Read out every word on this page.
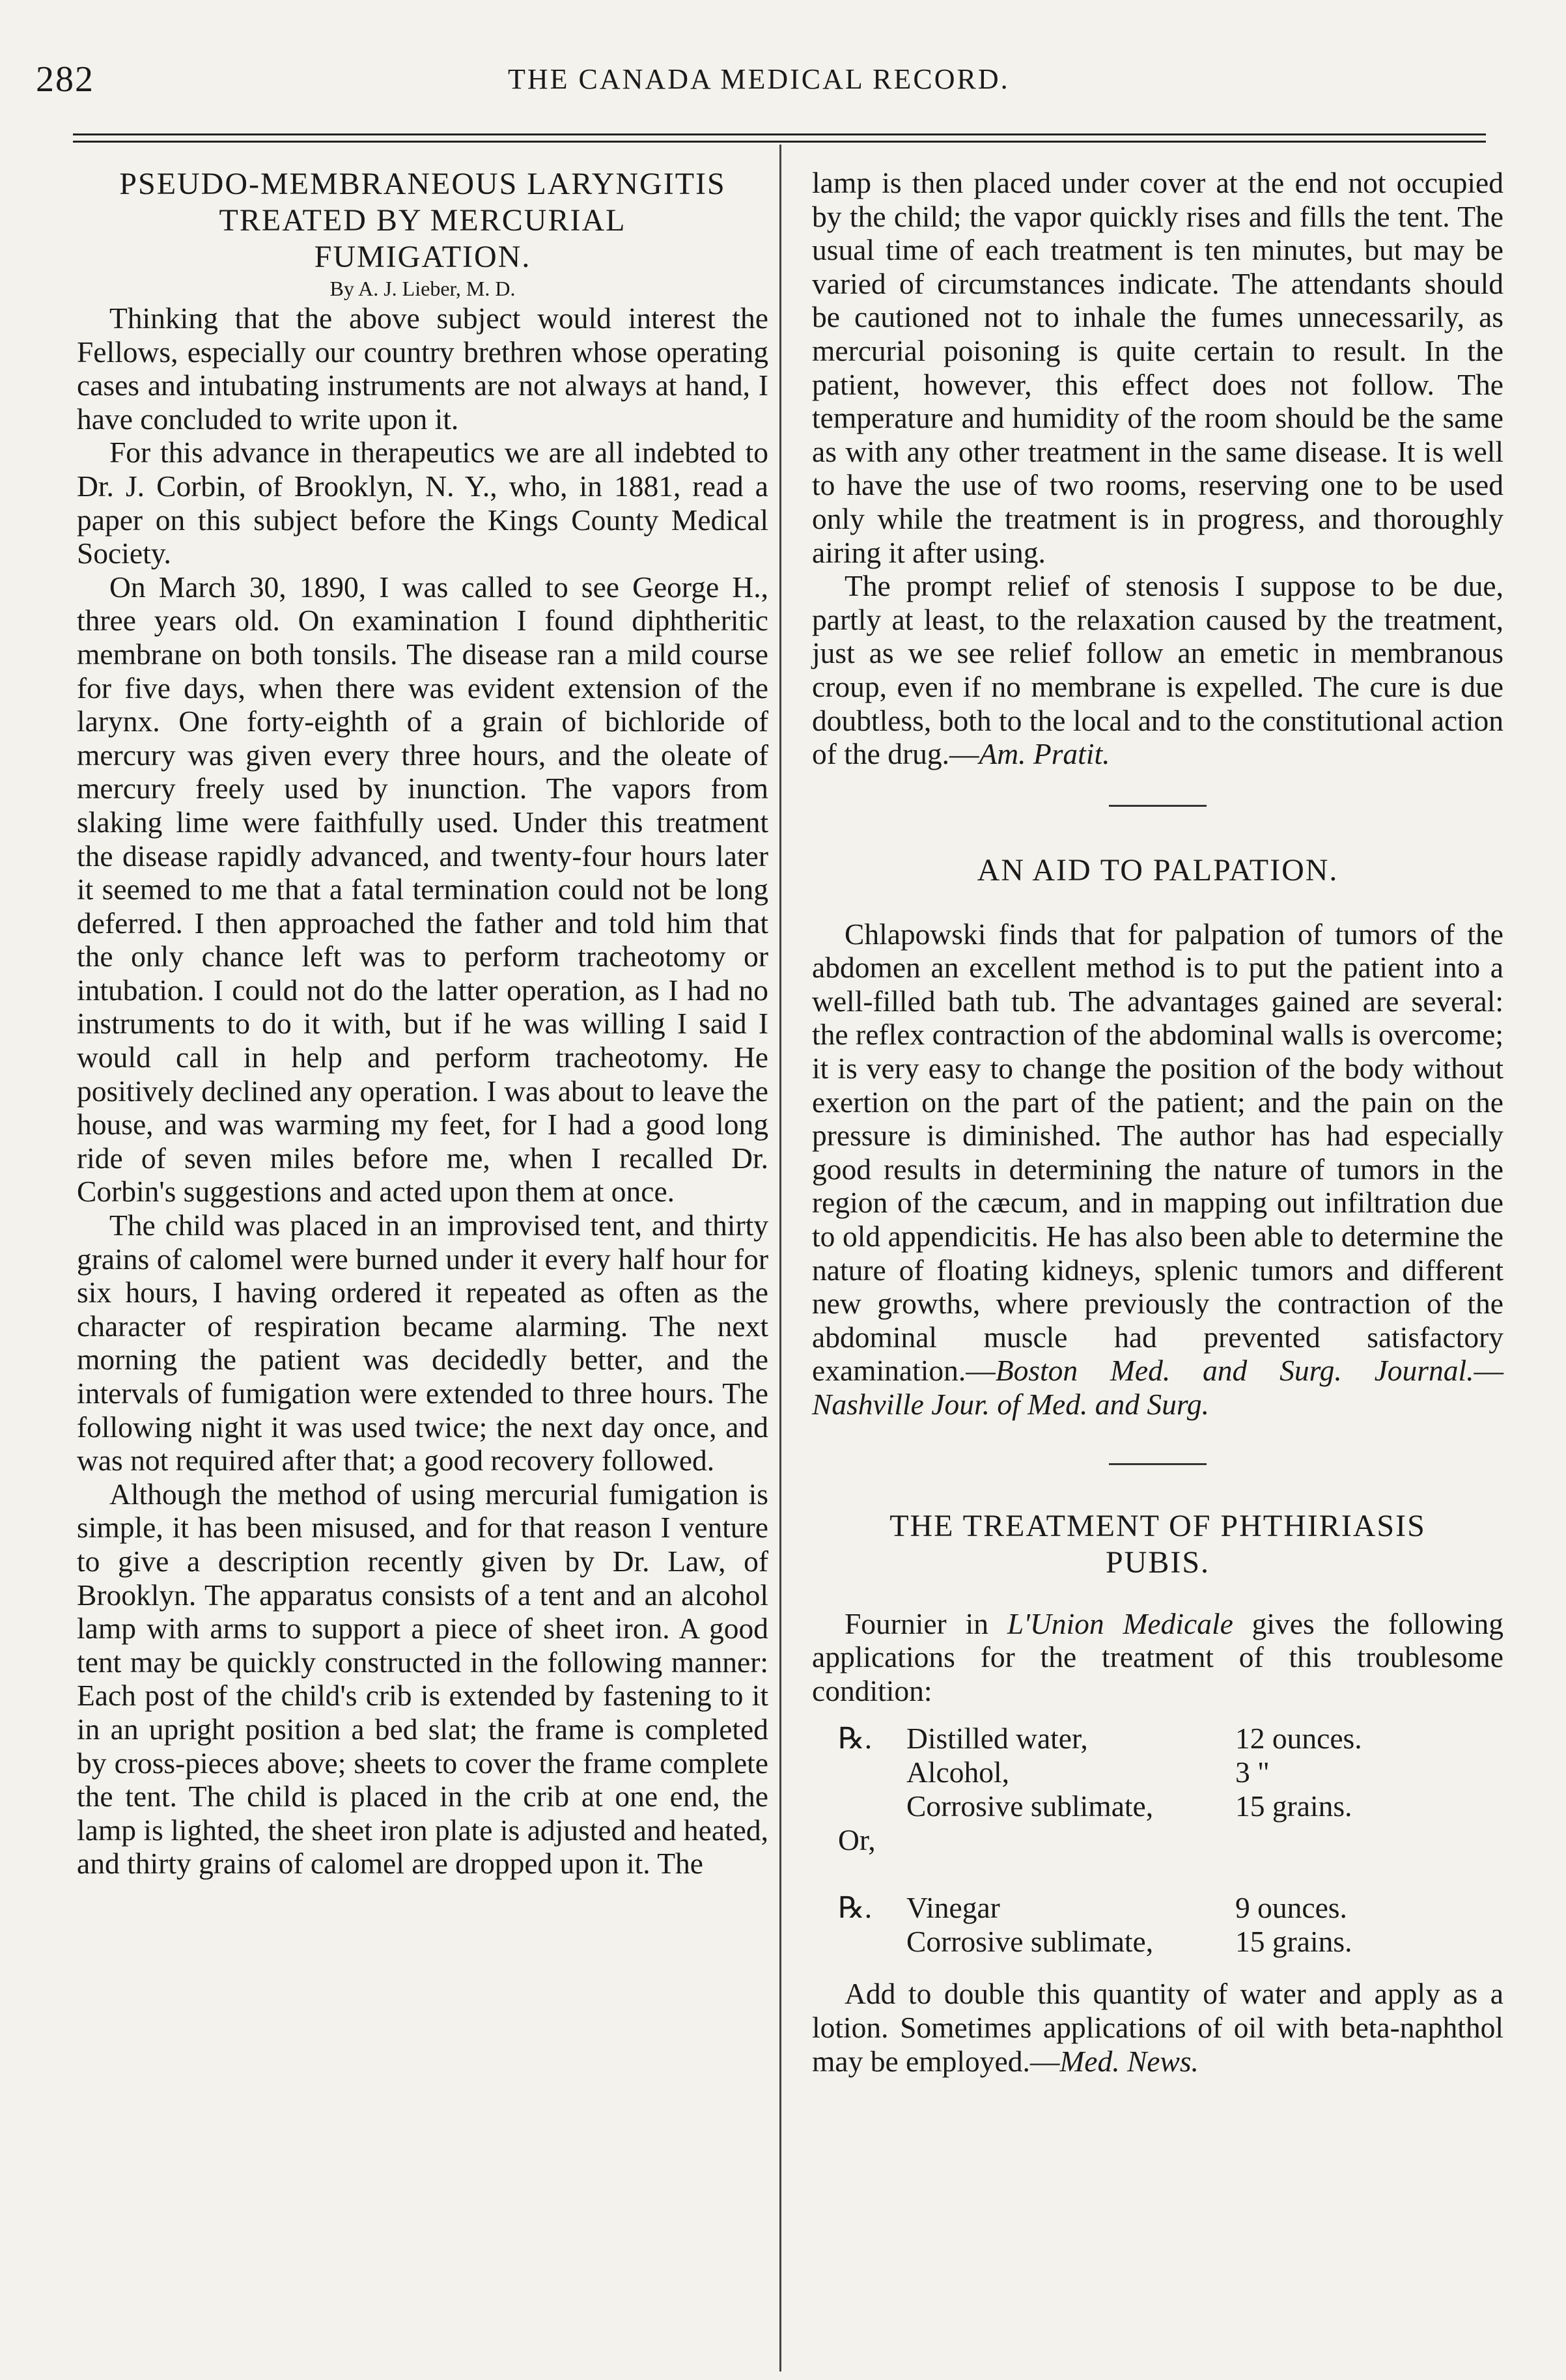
282	THE CANADA MEDICAL RECORD.

PSEUDO-MEMBRANEOUS LARYNGITIS
TREATED BY MERCURIAL
FUMIGATION.

By A. J. Lieber, M. D.

Thinking that the above subject would interest the Fellows, especially our country brethren whose operating cases and intubating instruments are not always at hand, I have concluded to write upon it.

For this advance in therapeutics we are all indebted to Dr. J. Corbin, of Brooklyn, N. Y., who, in 1881, read a paper on this subject before the Kings County Medical Society.

On March 30, 1890, I was called to see George H., three years old. On examination I found diphtheritic membrane on both tonsils. The disease ran a mild course for five days, when there was evident extension of the larynx. One forty-eighth of a grain of bichloride of mercury was given every three hours, and the oleate of mercury freely used by inunction. The vapors from slaking lime were faithfully used. Under this treatment the disease rapidly advanced, and twenty-four hours later it seemed to me that a fatal termination could not be long deferred. I then approached the father and told him that the only chance left was to perform tracheotomy or intubation. I could not do the latter operation, as I had no instruments to do it with, but if he was willing I said I would call in help and perform tracheotomy. He positively declined any operation. I was about to leave the house, and was warming my feet, for I had a good long ride of seven miles before me, when I recalled Dr. Corbin's suggestions and acted upon them at once.

The child was placed in an improvised tent, and thirty grains of calomel were burned under it every half hour for six hours, I having ordered it repeated as often as the character of respiration became alarming. The next morning the patient was decidedly better, and the intervals of fumigation were extended to three hours. The following night it was used twice; the next day once, and was not required after that; a good recovery followed.

Although the method of using mercurial fumigation is simple, it has been misused, and for that reason I venture to give a description recently given by Dr. Law, of Brooklyn. The apparatus consists of a tent and an alcohol lamp with arms to support a piece of sheet iron. A good tent may be quickly constructed in the following manner: Each post of the child's crib is extended by fastening to it in an upright position a bed slat; the frame is completed by cross-pieces above; sheets to cover the frame complete the tent. The child is placed in the crib at one end, the lamp is lighted, the sheet iron plate is adjusted and heated, and thirty grains of calomel are dropped upon it. The

lamp is then placed under cover at the end not occupied by the child; the vapor quickly rises and fills the tent. The usual time of each treatment is ten minutes, but may be varied of circumstances indicate. The attendants should be cautioned not to inhale the fumes unnecessarily, as mercurial poisoning is quite certain to result. In the patient, however, this effect does not follow. The temperature and humidity of the room should be the same as with any other treatment in the same disease. It is well to have the use of two rooms, reserving one to be used only while the treatment is in progress, and thoroughly airing it after using.

The prompt relief of stenosis I suppose to be due, partly at least, to the relaxation caused by the treatment, just as we see relief follow an emetic in membranous croup, even if no membrane is expelled. The cure is due doubtless, both to the local and to the constitutional action of the drug.—Am. Pratit.

AN AID TO PALPATION.

Chlapowski finds that for palpation of tumors of the abdomen an excellent method is to put the patient into a well-filled bath tub. The advantages gained are several: the reflex contraction of the abdominal walls is overcome; it is very easy to change the position of the body without exertion on the part of the patient; and the pain on the pressure is diminished. The author has had especially good results in determining the nature of tumors in the region of the cæcum, and in mapping out infiltration due to old appendicitis. He has also been able to determine the nature of floating kidneys, splenic tumors and different new growths, where previously the contraction of the abdominal muscle had prevented satisfactory examination.—Boston Med. and Surg. Journal.—Nashville Jour. of Med. and Surg.

THE TREATMENT OF PHTHIRIASIS
PUBIS.

Fournier in L'Union Medicale gives the following applications for the treatment of this troublesome condition:

℞.	Distilled water,	12 ounces.
	Alcohol,	3 "
	Corrosive sublimate,	15 grains.
Or,		
℞.	Vinegar	9 ounces.
	Corrosive sublimate,	15 grains.

Add to double this quantity of water and apply as a lotion. Sometimes applications of oil with beta-naphthol may be employed.—Med. News.
